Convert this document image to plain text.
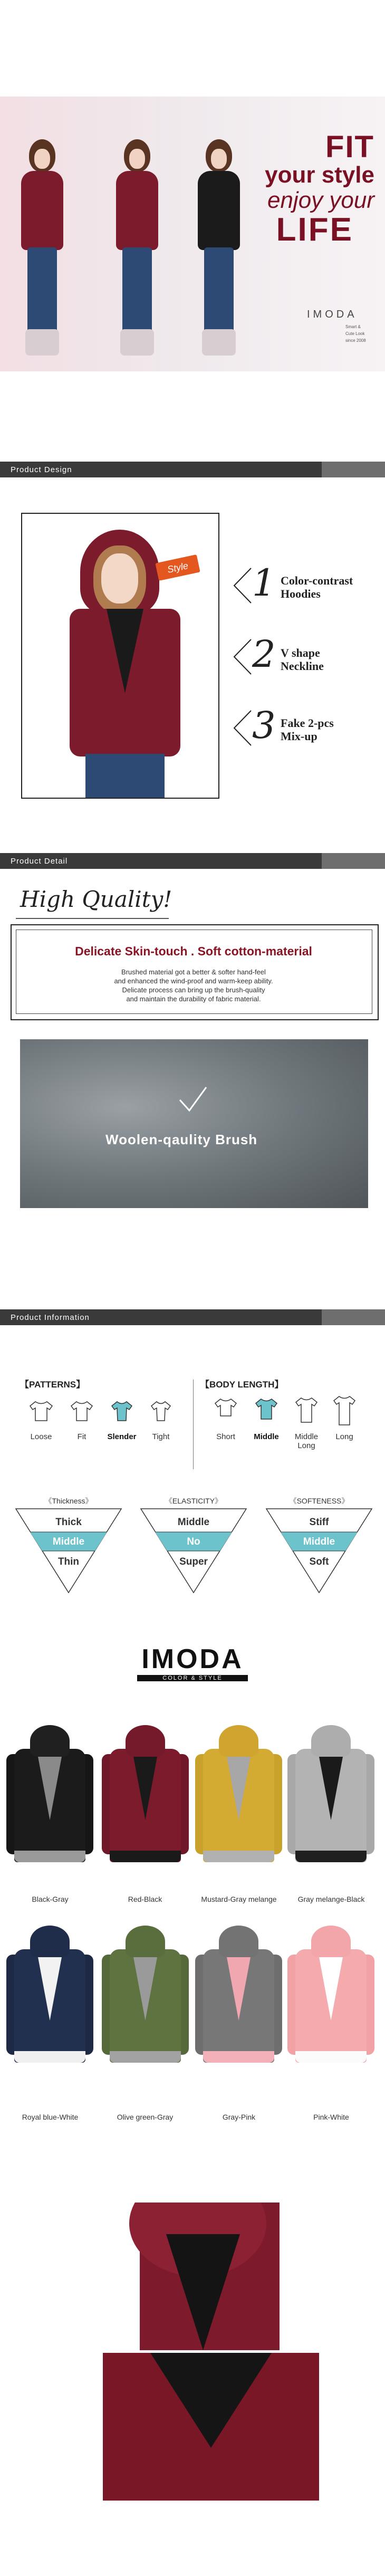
FIT
your style
enjoy your
LIFE
IMODA
Smart &
Cute Look
since 2008
Product Design
Style	1 Color-contrast
Hoodies
2 V shape
Neckline
3 Fake 2-pcs
Mix-up
Product Detail
High Quality!
Delicate Skin-touch . Soft cotton-material
Brushed material got a better & softer hand-feel
and enhanced the wind-proof and warm-keep ability.
Delicate process can bring up the brush-quality
and maintain the durability of fabric material.
Woolen-qaulity Brush
Product Information
【PATTERNS】	【BODY LENGTH】
Loose	Fit	Slender	Tight	Short	Middle	Middle Long
Long
《Thickness》
Thick
Middle
Thin
《ELASTICITY》
Middle
No
Super
《SOFTENESS》
Stiff
Middle
Soft
IMODA
COLOR & STYLE
Black-Gray	Red-Black	Mustard-Gray melange	Gray melange-Black
Royal blue-White	Olive green-Gray	Gray-Pink	Pink-White
